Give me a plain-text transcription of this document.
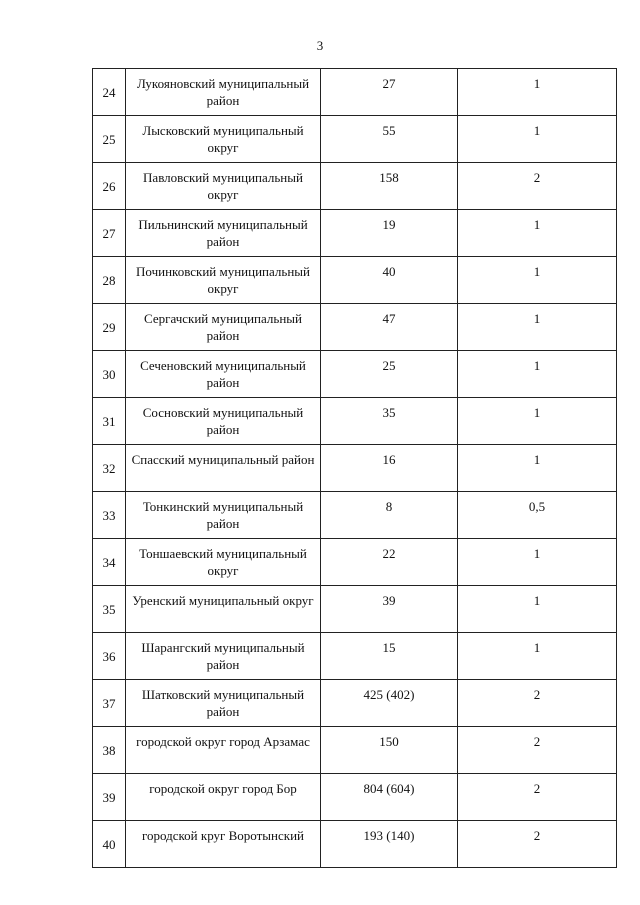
3
24	Лукояновский муниципальный район	27	1
25	Лысковский муниципальный округ	55	1
26	Павловский муниципальный округ	158	2
27	Пильнинский муниципальный район	19	1
28	Починковский муниципальный округ	40	1
29	Сергачский муниципальный район	47	1
30	Сеченовский муниципальный район	25	1
31	Сосновский муниципальный район	35	1
32	Спасский муниципальный район	16	1
33	Тонкинский муниципальный район	8	0,5
34	Тоншаевский муниципальный округ	22	1
35	Уренский муниципальный округ	39	1
36	Шарангский муниципальный район	15	1
37	Шатковский муниципальный район	425 (402)	2
38	городской округ город Арзамас	150	2
39	городской округ город Бор	804 (604)	2
40	городской круг Воротынский	193 (140)	2
